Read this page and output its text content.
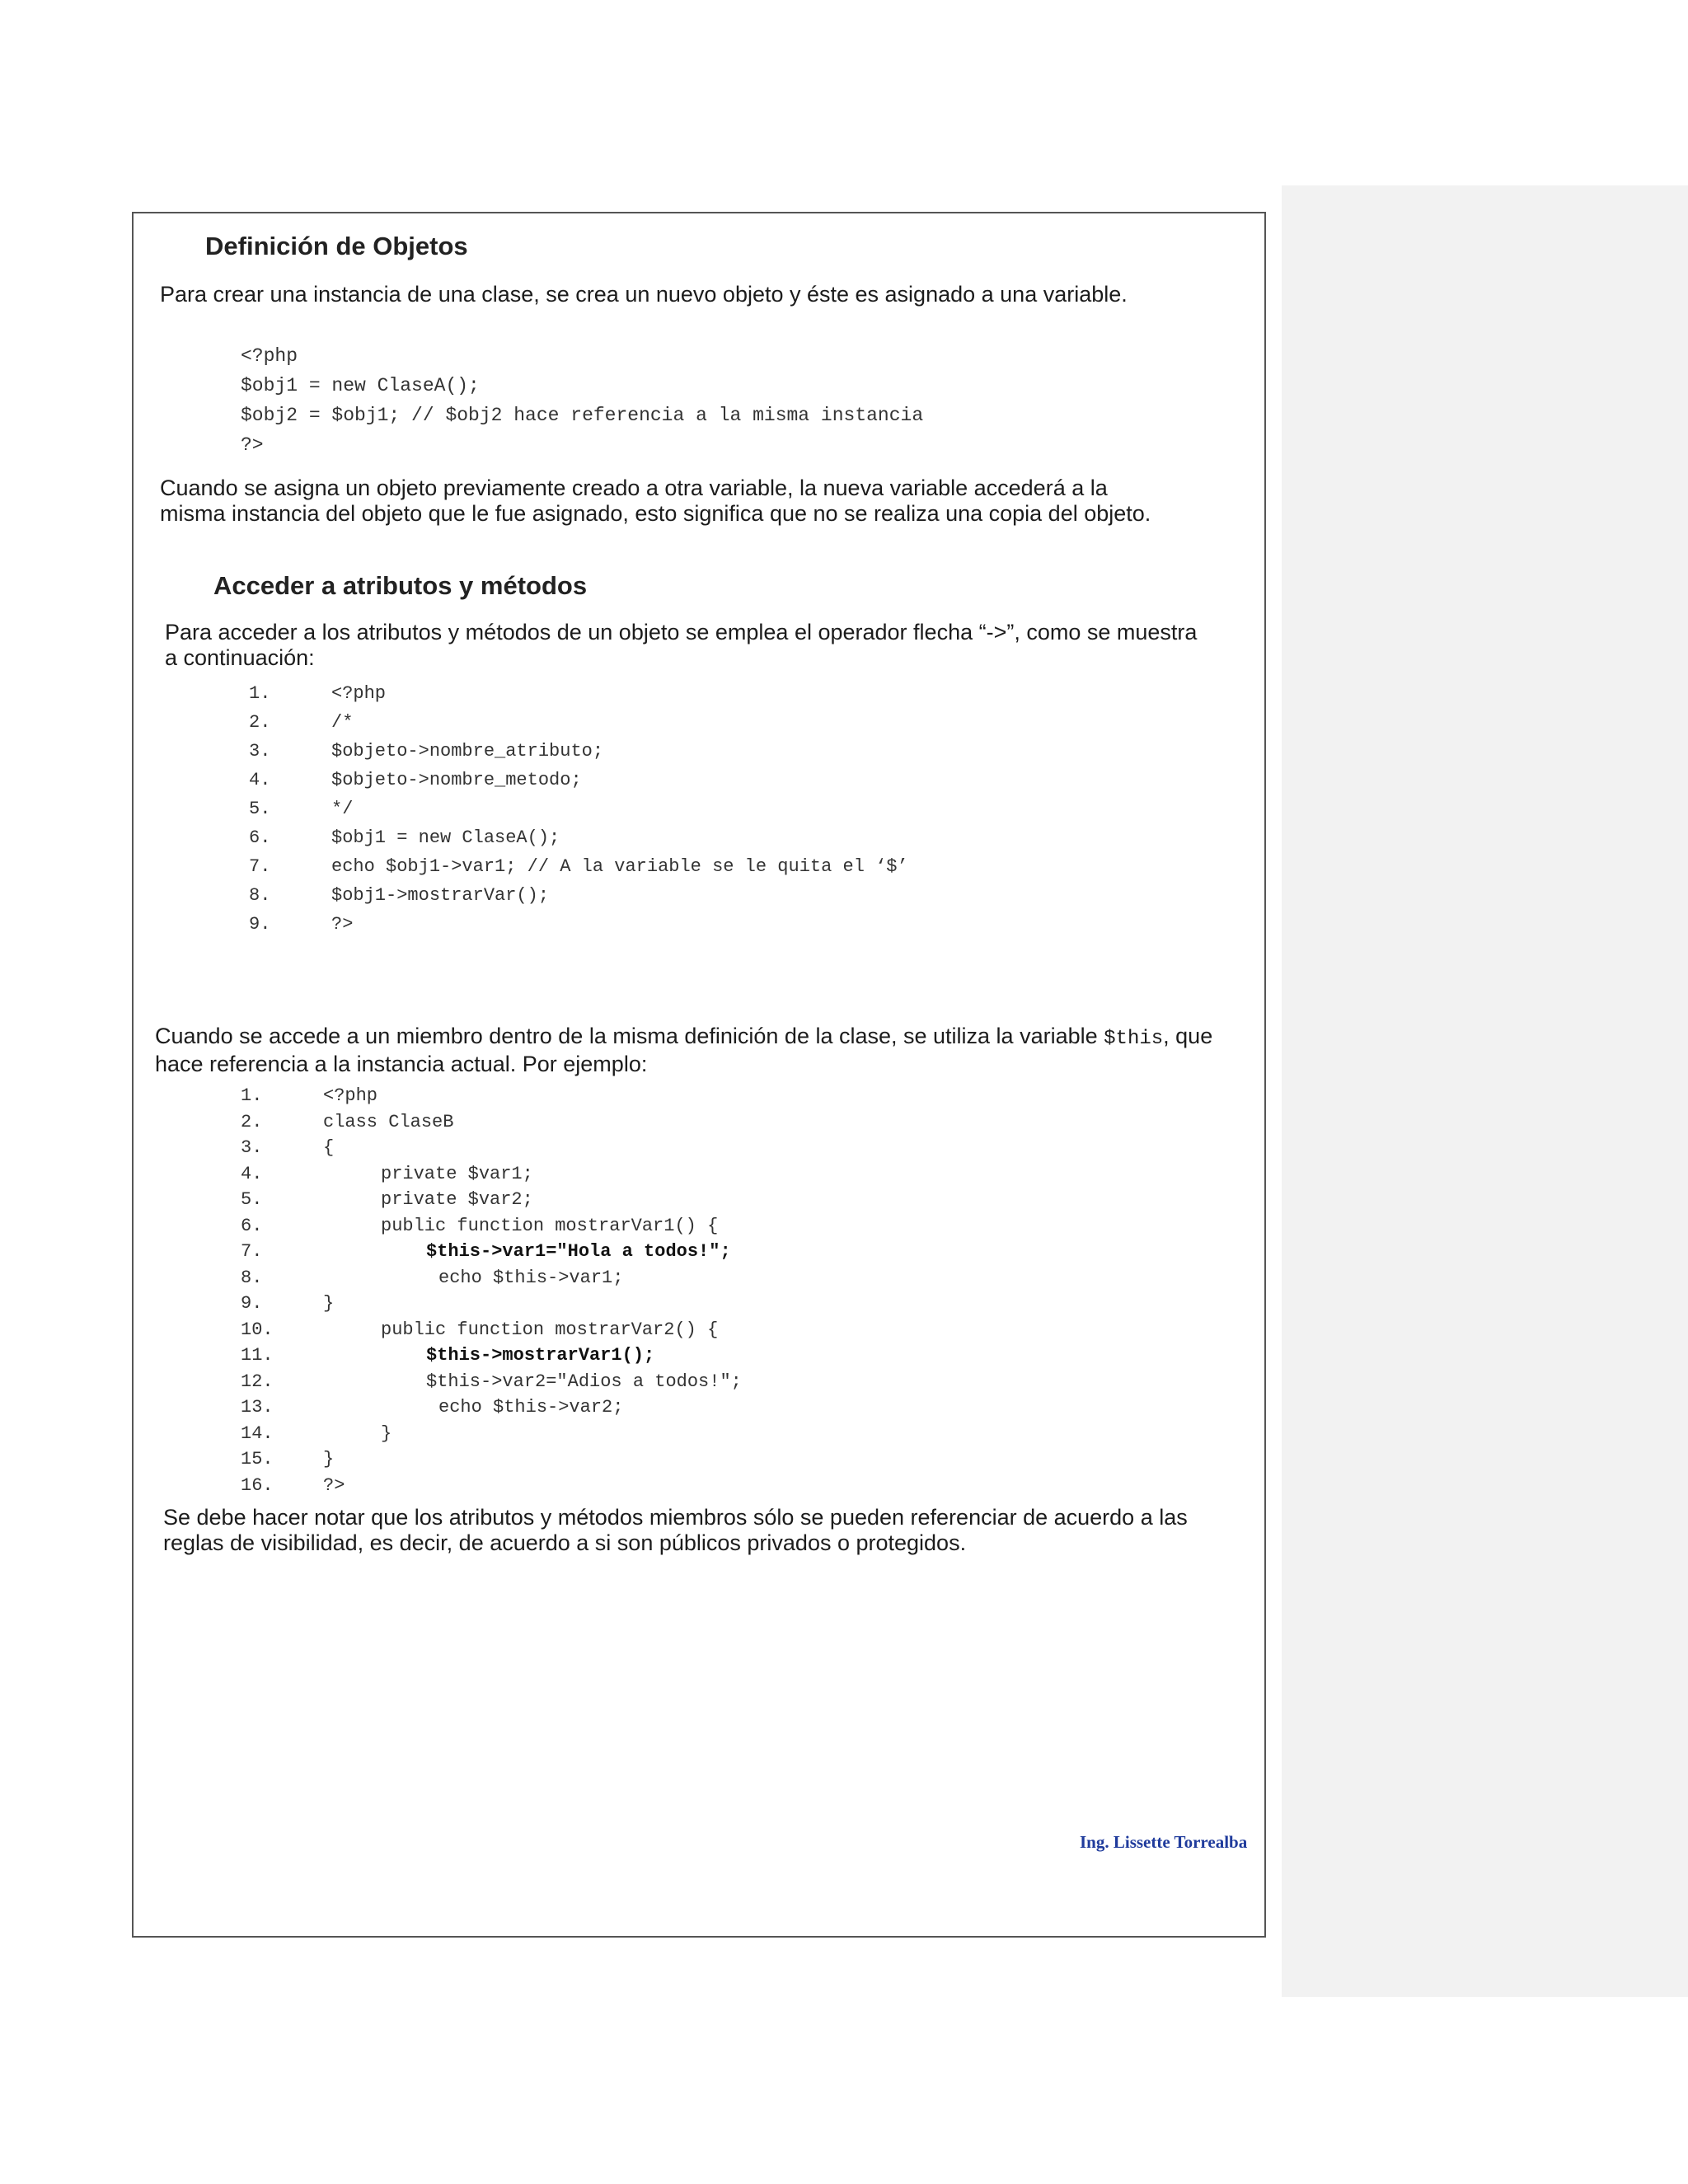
Definición de Objetos
Para crear una instancia de una clase, se crea un nuevo objeto y éste es asignado a una variable.
<?php
$obj1 = new ClaseA();
$obj2 = $obj1; // $obj2 hace referencia a la misma instancia
?>
Cuando se asigna un objeto previamente creado a otra variable, la nueva variable accederá a la misma instancia del objeto que le fue asignado, esto significa que no se realiza una copia del objeto.
Acceder a atributos y métodos
Para acceder a los atributos y métodos de un objeto se emplea el operador flecha “->”, como se muestra a continuación:
1.	<?php
2.	/*
3.	$objeto->nombre_atributo;
4.	$objeto->nombre_metodo;
5.	*/
6.	$obj1 = new ClaseA();
7.	echo $obj1->var1; // A la variable se le quita el ‘$’
8.	$obj1->mostrarVar();
9.	?>
Cuando se accede a un miembro dentro de la misma definición de la clase, se utiliza la variable $this, que hace referencia a la instancia actual. Por ejemplo:
1.	<?php
2.	class ClaseB
3.	{
4.	private $var1;
5.	private $var2;
6.	public function mostrarVar1() {
7.	$this->var1="Hola a todos!";
8.	echo $this->var1;
9.	}
10.	public function mostrarVar2() {
11.	$this->mostrarVar1();
12.	$this->var2="Adios a todos!";
13.	echo $this->var2;
14.	}
15.	}
16.	?>
Se debe hacer notar que los atributos y métodos miembros sólo se pueden referenciar de acuerdo a las reglas de visibilidad, es decir, de acuerdo a si son públicos privados o protegidos.
Ing. Lissette Torrealba
